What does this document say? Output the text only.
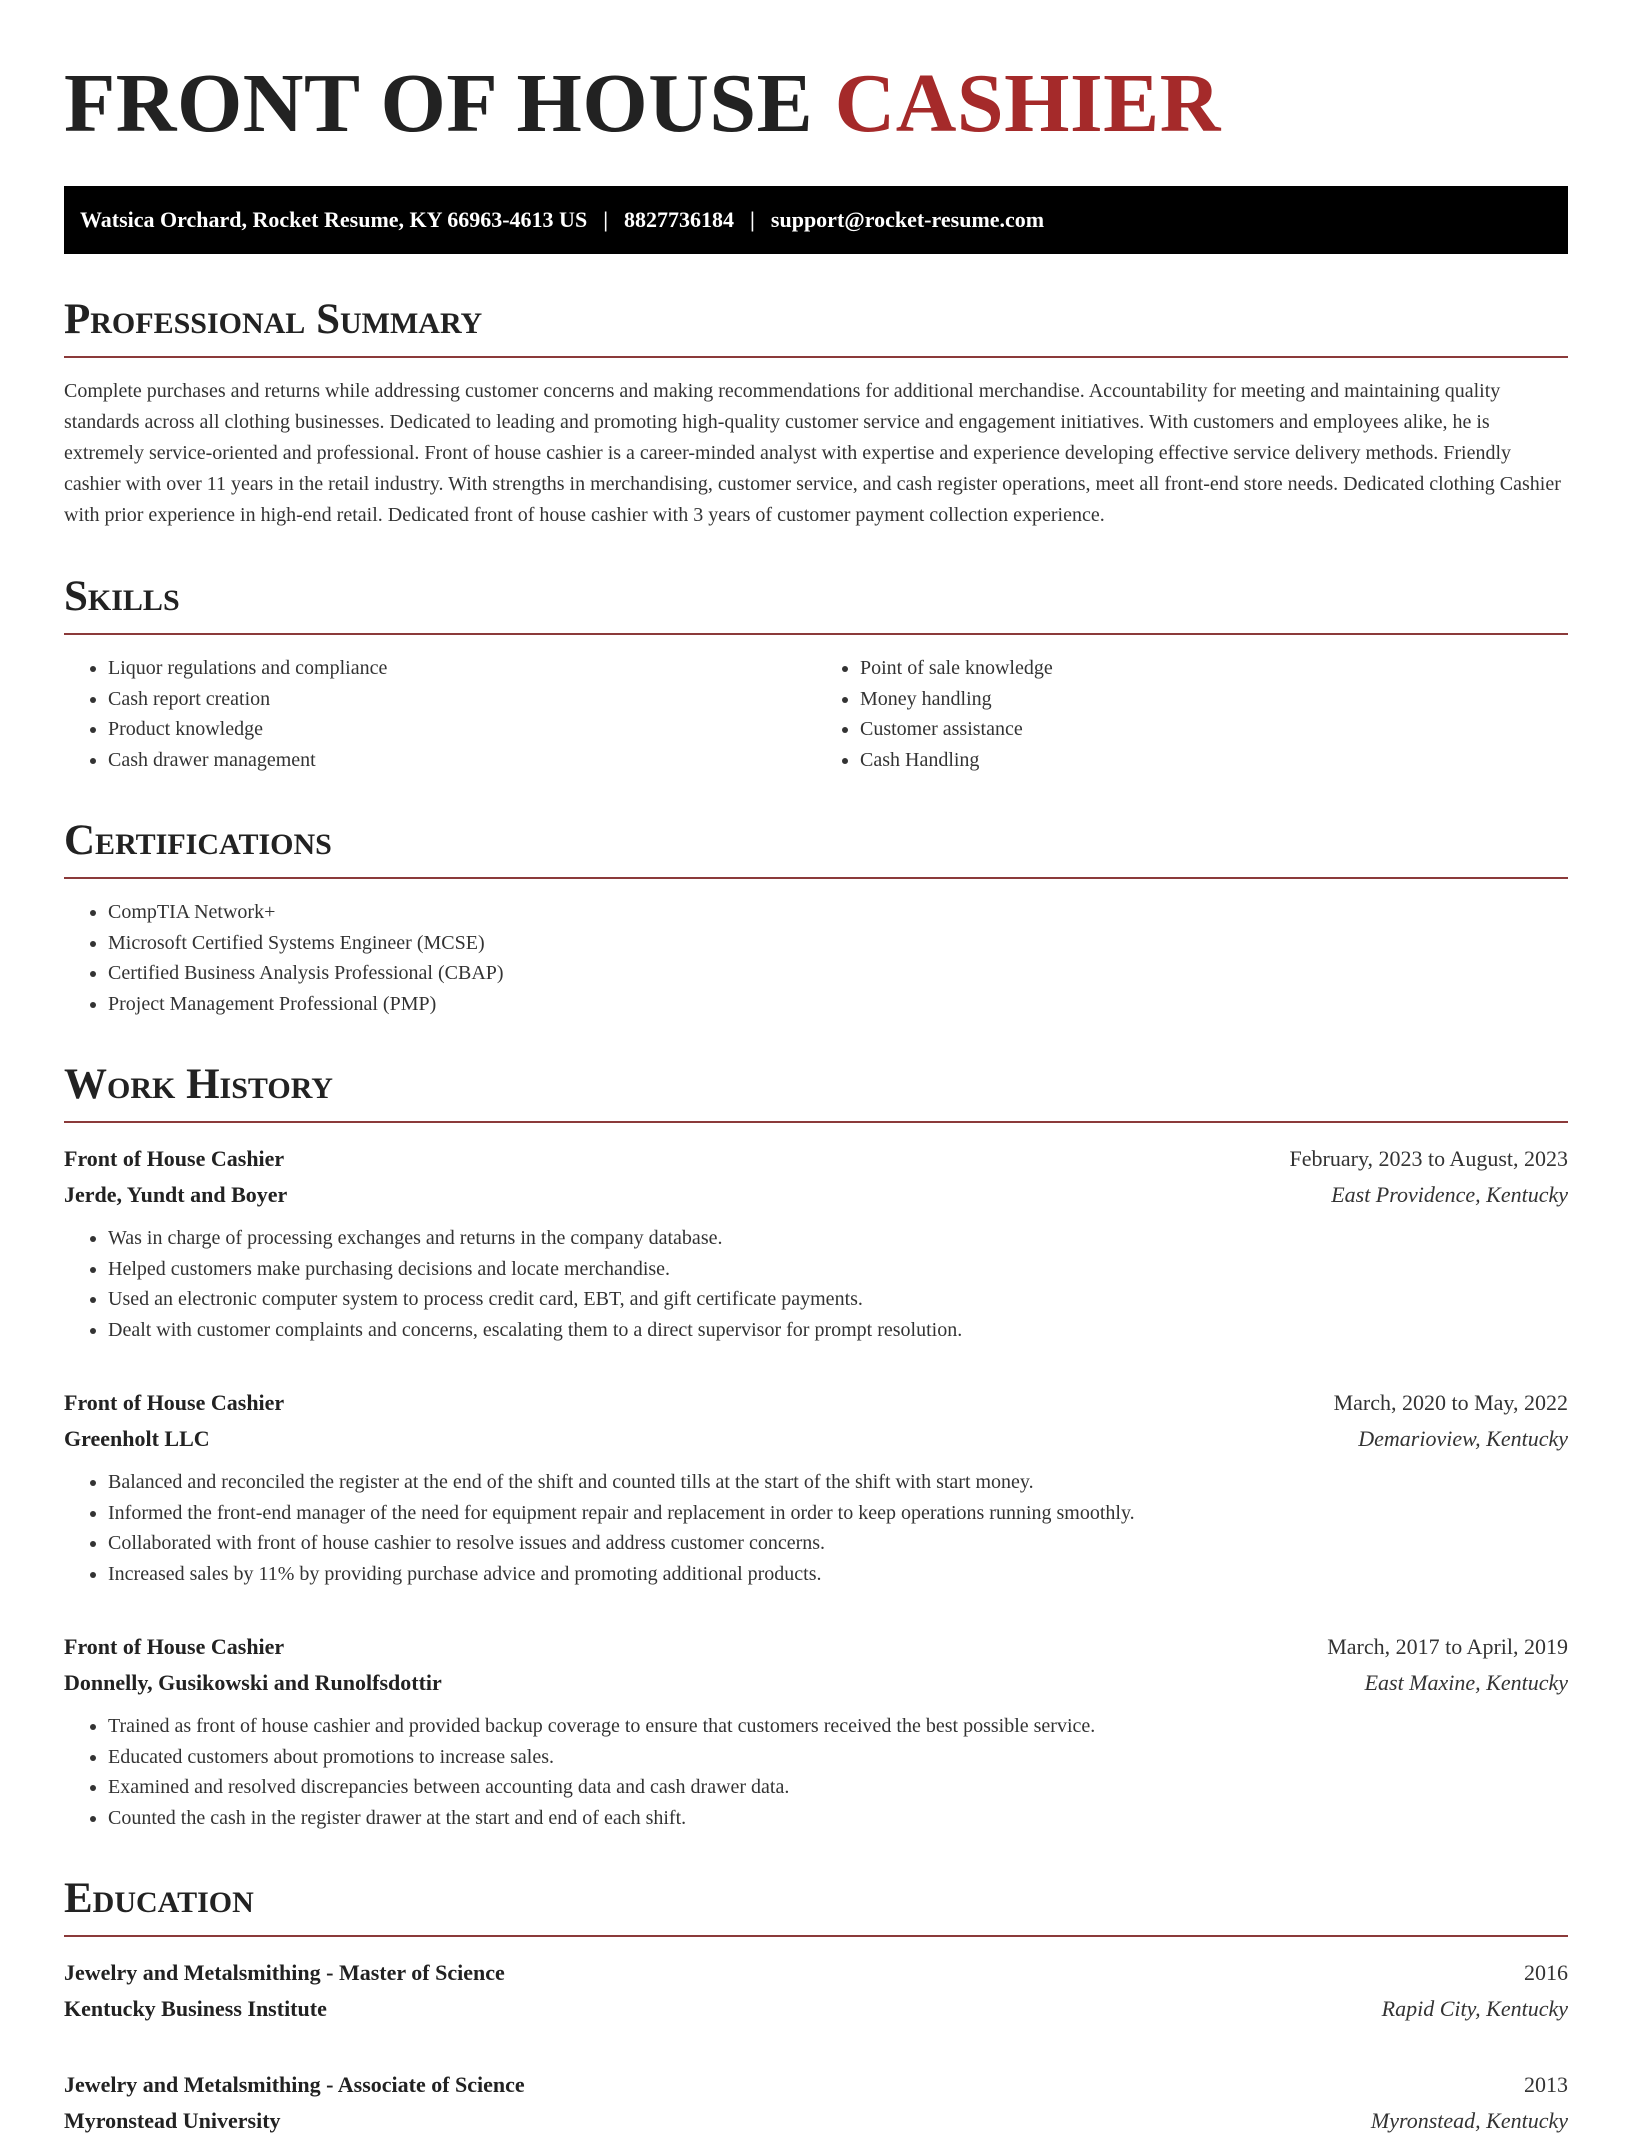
FRONT OF HOUSE CASHIER
Watsica Orchard, Rocket Resume, KY 66963-4613 US | 8827736184 | support@rocket-resume.com
Professional Summary

Complete purchases and returns while addressing customer concerns and making recommendations for additional merchandise. Accountability for meeting and maintaining quality standards across all clothing businesses. Dedicated to leading and promoting high-quality customer service and engagement initiatives. With customers and employees alike, he is extremely service-oriented and professional. Front of house cashier is a career-minded analyst with expertise and experience developing effective service delivery methods. Friendly cashier with over 11 years in the retail industry. With strengths in merchandising, customer service, and cash register operations, meet all front-end store needs. Dedicated clothing Cashier with prior experience in high-end retail. Dedicated front of house cashier with 3 years of customer payment collection experience.

Skills
• Liquor regulations and compliance
• Cash report creation
• Product knowledge
• Cash drawer management
• Point of sale knowledge
• Money handling
• Customer assistance
• Cash Handling
Certifications
• CompTIA Network+
• Microsoft Certified Systems Engineer (MCSE)
• Certified Business Analysis Professional (CBAP)
• Project Management Professional (PMP)
Work History
Front of House Cashier	February, 2023 to August, 2023
Jerde, Yundt and Boyer	East Providence, Kentucky
• Was in charge of processing exchanges and returns in the company database.
• Helped customers make purchasing decisions and locate merchandise.
• Used an electronic computer system to process credit card, EBT, and gift certificate payments.
• Dealt with customer complaints and concerns, escalating them to a direct supervisor for prompt resolution.
Front of House Cashier	March, 2020 to May, 2022
Greenholt LLC	Demarioview, Kentucky
• Balanced and reconciled the register at the end of the shift and counted tills at the start of the shift with start money.
• Informed the front-end manager of the need for equipment repair and replacement in order to keep operations running smoothly.
• Collaborated with front of house cashier to resolve issues and address customer concerns.
• Increased sales by 11% by providing purchase advice and promoting additional products.
Front of House Cashier	March, 2017 to April, 2019
Donnelly, Gusikowski and Runolfsdottir	East Maxine, Kentucky
• Trained as front of house cashier and provided backup coverage to ensure that customers received the best possible service.
• Educated customers about promotions to increase sales.
• Examined and resolved discrepancies between accounting data and cash drawer data.
• Counted the cash in the register drawer at the start and end of each shift.
Education
Jewelry and Metalsmithing - Master of Science	2016
Kentucky Business Institute	Rapid City, Kentucky
Jewelry and Metalsmithing - Associate of Science	2013
Myronstead University	Myronstead, Kentucky
